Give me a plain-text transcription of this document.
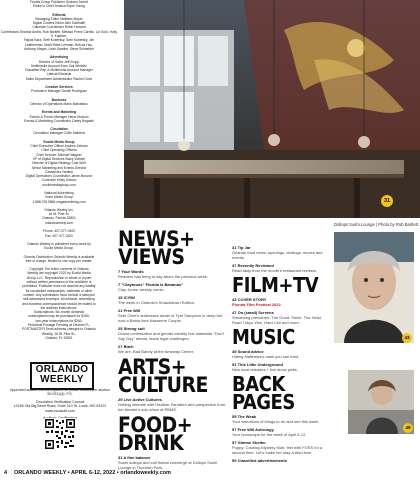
Florida Group Publisher Graham Jarrett

Editor in Chief Jessica Bryce Young

Editorial

Managing Editor Matthew Moyer

Digital Content Editor Alex Galbraith

Calendar Coordinator Robin Howard

Contributors Shanna Andra, Rob Bartlett, Melissa Perez Carrillo, Liz Gold, Holly V. Kapherr,

Faiyaz Kara, Seth Kubersky, Seth Kubersky, Jim

Leatherman, Marit Rabe Lehman, Brecca Hsu,

Anthony Mayes, Leah Sandler, Steve Schneider

Advertising

Director of Sales Jeff Kropp

Multimedia Account Exec Zak Winklez

Classified Rep & Multimedia Account Manager

Latricia Edwards

Sales Department Administrator Rachel Gove

Creative Services

Production Manager Daniel Rodriguez

Business

Director of Operations Mario Matvatsko

Events and Marketing

Events & Promo Manager Nena Hudson

Events & Marketing Coordinator Casey Bogaski

Circulation

Circulation Manager Collin Maldera

Euclid Media Group

Chief Executive Officer Andrew Zelman

Chief Operating Officers

Chris Kercher, Michael Wagner

VP of Digital Services Stacy Volhein

Director of Digital Strategy Cole Wolf

Senior Marketing and Events Director

Cassandra Yardeni

Digital Operations Coordinator Jaime Monzon

Controller Kristy Dotson

euclidmediagroup.com

National Advertising

Voice Media Group

1.888.278.9866 vmgadvertising.com

Orlando Weekly Inc.

16 W. Pine St.

Orlando, Florida 32801

orlandoweekly.com

Phone: 407-377-0400

Fax: 407-377-0420

Orlando Weekly is published every week by

Euclid Media Group.

Orlando Distribution Orlando Weekly is available

free of charge, limited to one copy per reader.

Copyright The entire contents of Orlando

Weekly are copyright 2022 by Euclid Media

Group LLC. Reproduction in whole or in part

without written permission of the publisher is

prohibited. Publisher does not assume any liability

for unsolicited manuscripts, materials or other

content. Any submission must include a stamped

self-addressed envelope. All editorial, advertising

and business correspondence should be mailed to

the address listed above.

Subscriptions: Six-month domestic

subscriptions may be purchased for $180;

one-year subscriptions for $260.

Periodical Postage Pending at Orlando FL.

POSTMASTER Send address changes to Orlando

Weekly, 16 W. Pine St.,

Orlando, FL 32801

ORLANDO
WEEKLY

Approved auditor info as required for public notices per section 50.0311(4), F.S.

Circulation Verification Council
12166 Old Big Bend Road, Suite 210 St. Louis, MO 63122
www.cvcaudit.com

31
Dollops Sushi Lounge | Photo by Rob Bartlett
NEWS+
VIEWS
7 Your Words
Readers had thing to say about the previous week.
7 "Claytoons" Florida is Bananas"
Clay Jones' weekly comic.
15 ICYMI
The week in Orlando's Smackdown Edition.
21 Free Will
Seth Cline's addresses death of Tyre Sampson in deep fall, now a Bahia lima Nazarene Couple.
25 Strong suit
Grand confirmation and gender identity lost statewide "Don't Say Gay" ahead, leads legal challenges.
27 Bitch
We are. Bad Barely at the Ameway Center.
ARTS+
CULTURE
29 Live Active Cultures
Getting intimate with Heather Farnahm and perspective from her theatre's solo show at PBMS.
FOOD+
DRINK
31 A fine balance
Sushi dollops and coll florida concierge at Dollops Sushi Lounge in Thornton Park.
31 Tip Jar
Orlando food news: openings, closings, moves and events.
37 Recently Reviewed
Read tasty from the month's restaurant reviews.
FILM+TV
43 COVER STORY
Florida Film Festival 2022
47 On (small) Screens
Streaming premieres: The Good, Shine, The Heist, Road Tokyo Vice, Hard Cell and more.
MUSIC
49 Sound advice
Hitting Matthews's main you can trust.
51 This Little Underground
New local releases + live show picks.
BACK PAGES
55 The Weak
Your selections of things to do and see this week.
57 Free Will Astrology
Your horoscope for the week of April 6-12.
57 Gimme Shelter
Puppy: Cowboy-Mystery Mutt, feel with FOSS for a second time. Let's make her stay a third time.
59 Classified advertisements
43
49
4 ORLANDO WEEKLY • APRIL 6-12, 2022 • orlandoweekly.com
